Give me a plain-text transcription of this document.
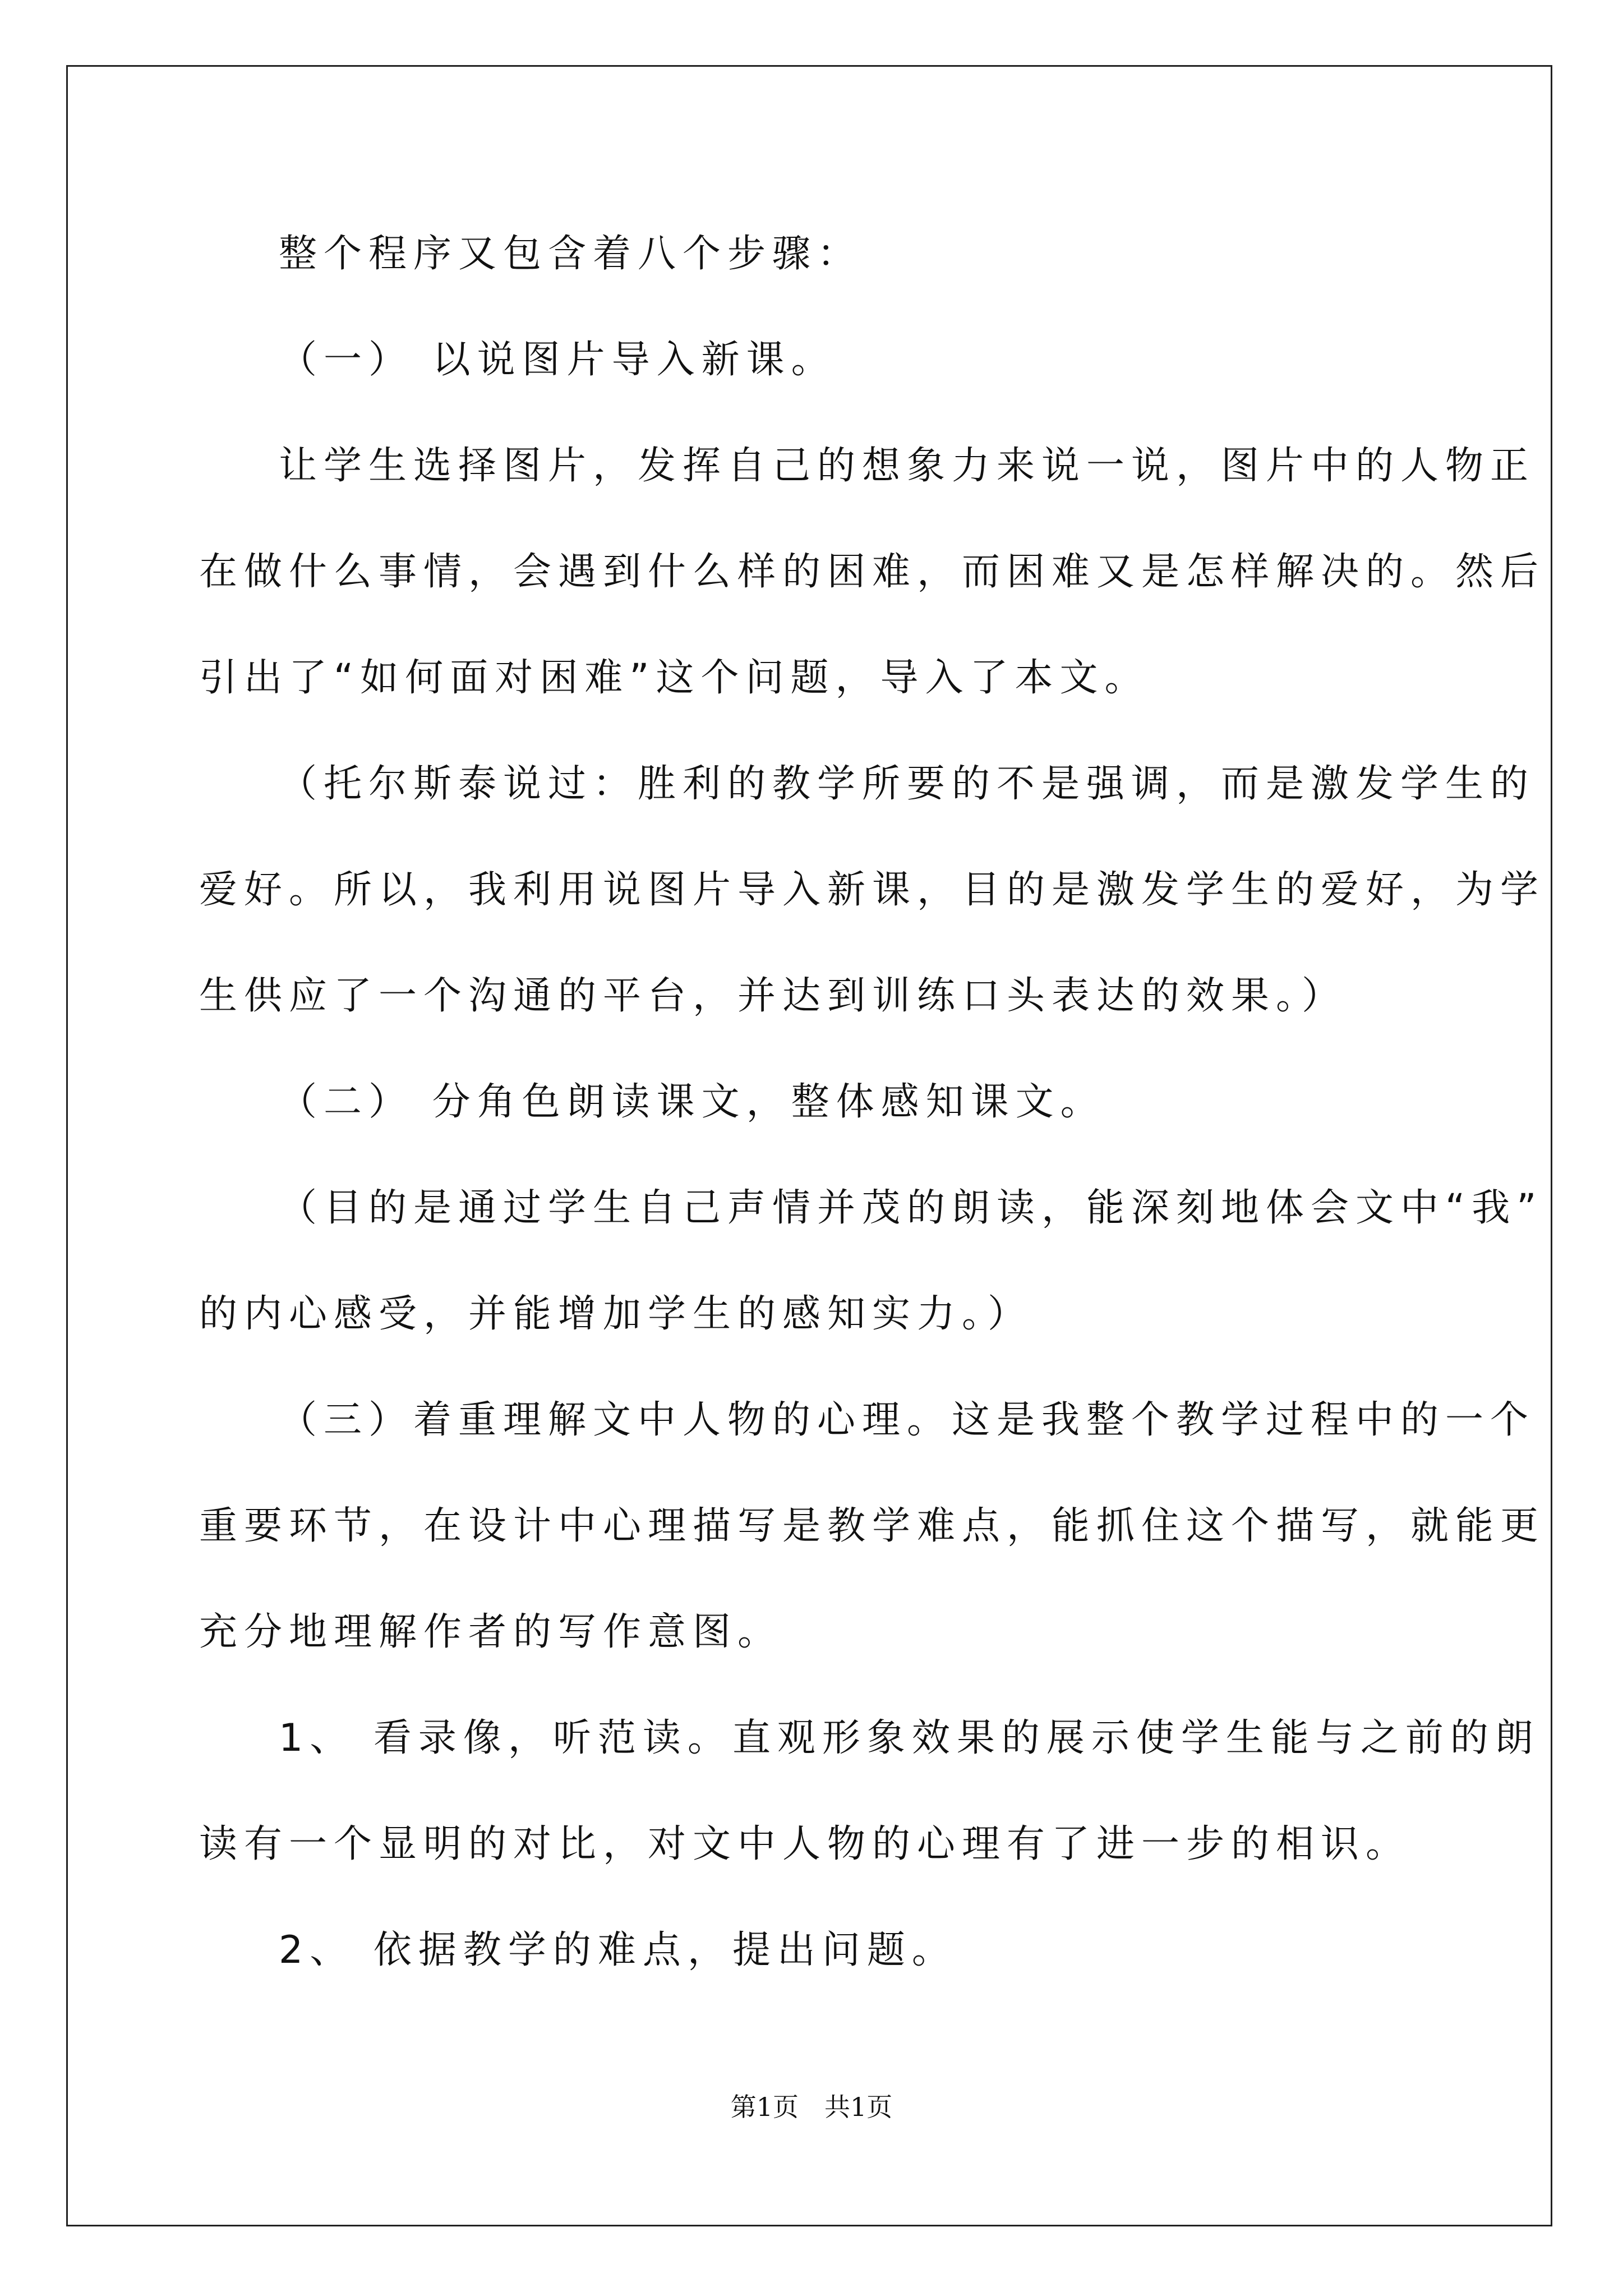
整个程序又包含着八个步骤：
（一） 以说图片导入新课。
让学生选择图片，发挥自己的想象力来说一说，图片中的人物正
在做什么事情，会遇到什么样的困难，而困难又是怎样解决的。然后
引出了“如何面对困难”这个问题，导入了本文。
（托尔斯泰说过：胜利的教学所要的不是强调，而是激发学生的
爱好。所以，我利用说图片导入新课，目的是激发学生的爱好，为学
生供应了一个沟通的平台，并达到训练口头表达的效果。）
（二） 分角色朗读课文，整体感知课文。
（目的是通过学生自己声情并茂的朗读，能深刻地体会文中“我”
的内心感受，并能增加学生的感知实力。）
（三）着重理解文中人物的心理。这是我整个教学过程中的一个
重要环节，在设计中心理描写是教学难点，能抓住这个描写，就能更
充分地理解作者的写作意图。
1、 看录像，听范读。直观形象效果的展示使学生能与之前的朗
读有一个显明的对比，对文中人物的心理有了进一步的相识。
2、 依据教学的难点，提出问题。
第1页　共1页
